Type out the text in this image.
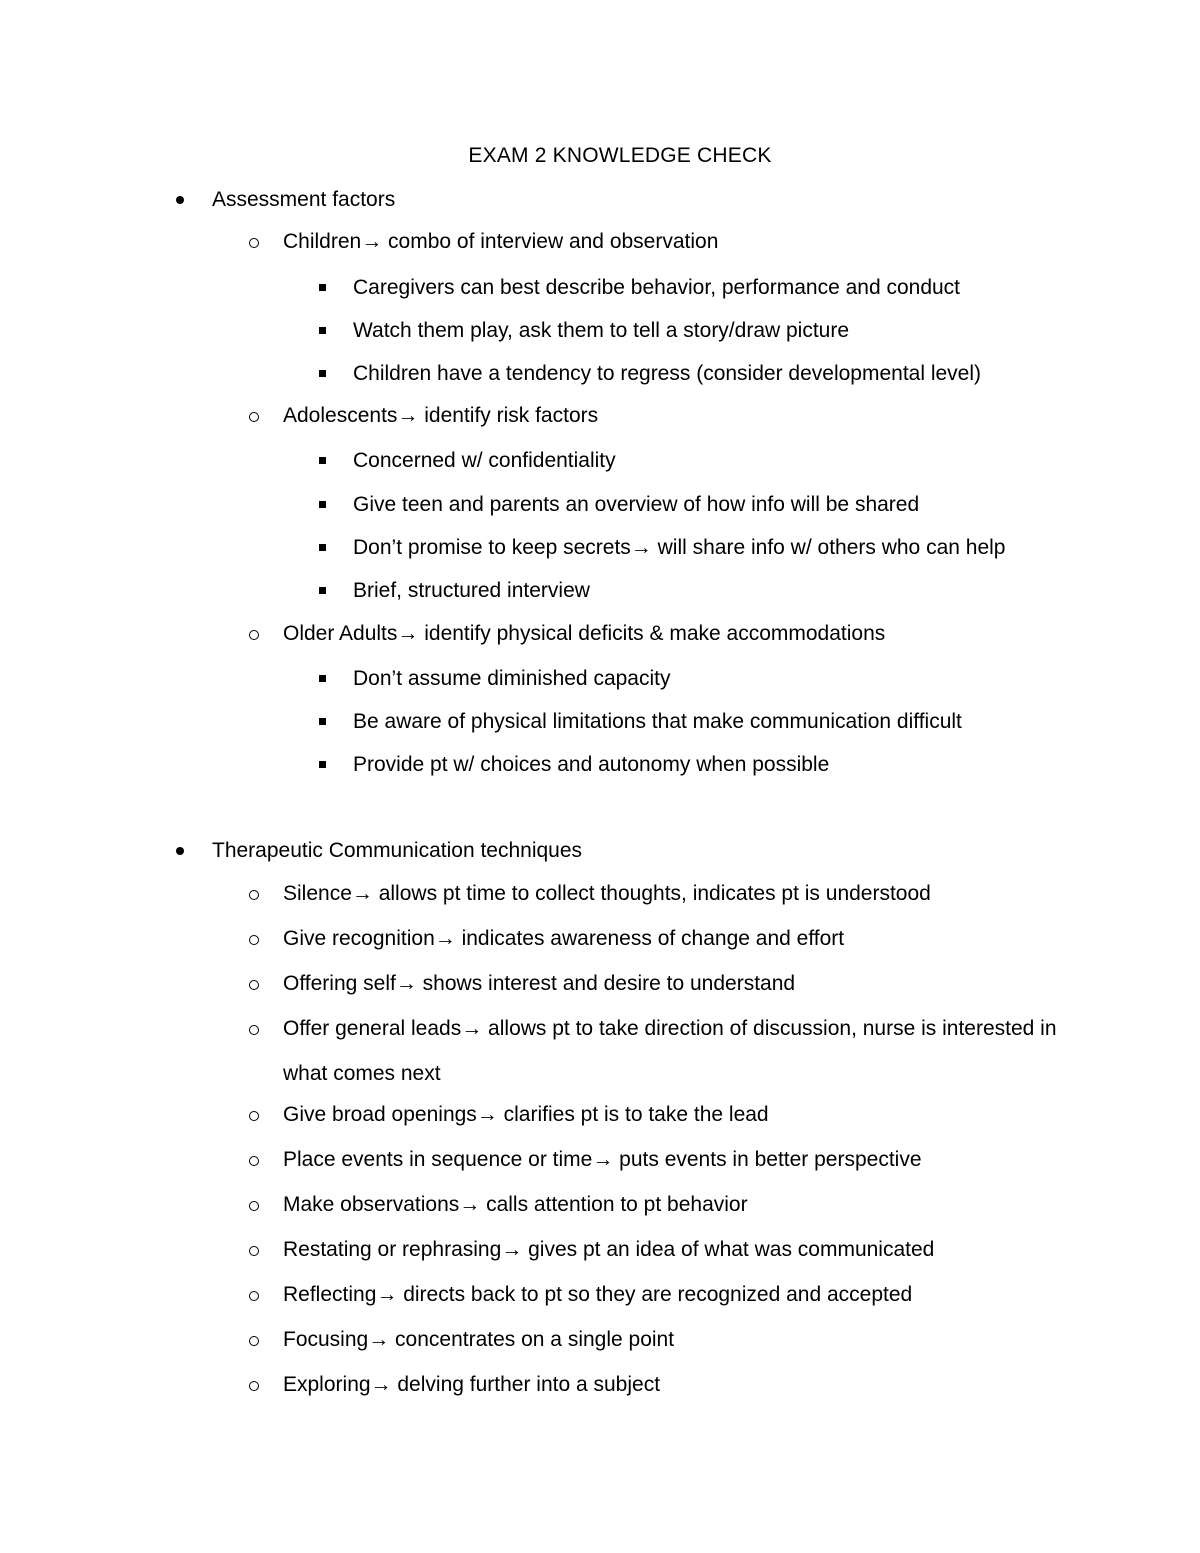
EXAM 2 KNOWLEDGE CHECK
Assessment factors
Children→ combo of interview and observation
Caregivers can best describe behavior, performance and conduct
Watch them play, ask them to tell a story/draw picture
Children have a tendency to regress (consider developmental level)
Adolescents→ identify risk factors
Concerned w/ confidentiality
Give teen and parents an overview of how info will be shared
Don’t promise to keep secrets→ will share info w/ others who can help
Brief, structured interview
Older Adults→ identify physical deficits & make accommodations
Don’t assume diminished capacity
Be aware of physical limitations that make communication difficult
Provide pt w/ choices and autonomy when possible
Therapeutic Communication techniques
Silence→ allows pt time to collect thoughts, indicates pt is understood
Give recognition→ indicates awareness of change and effort
Offering self→ shows interest and desire to understand
Offer general leads→ allows pt to take direction of discussion, nurse is interested in what comes next
Give broad openings→ clarifies pt is to take the lead
Place events in sequence or time→ puts events in better perspective
Make observations→ calls attention to pt behavior
Restating or rephrasing→ gives pt an idea of what was communicated
Reflecting→ directs back to pt so they are recognized and accepted
Focusing→ concentrates on a single point
Exploring→ delving further into a subject
